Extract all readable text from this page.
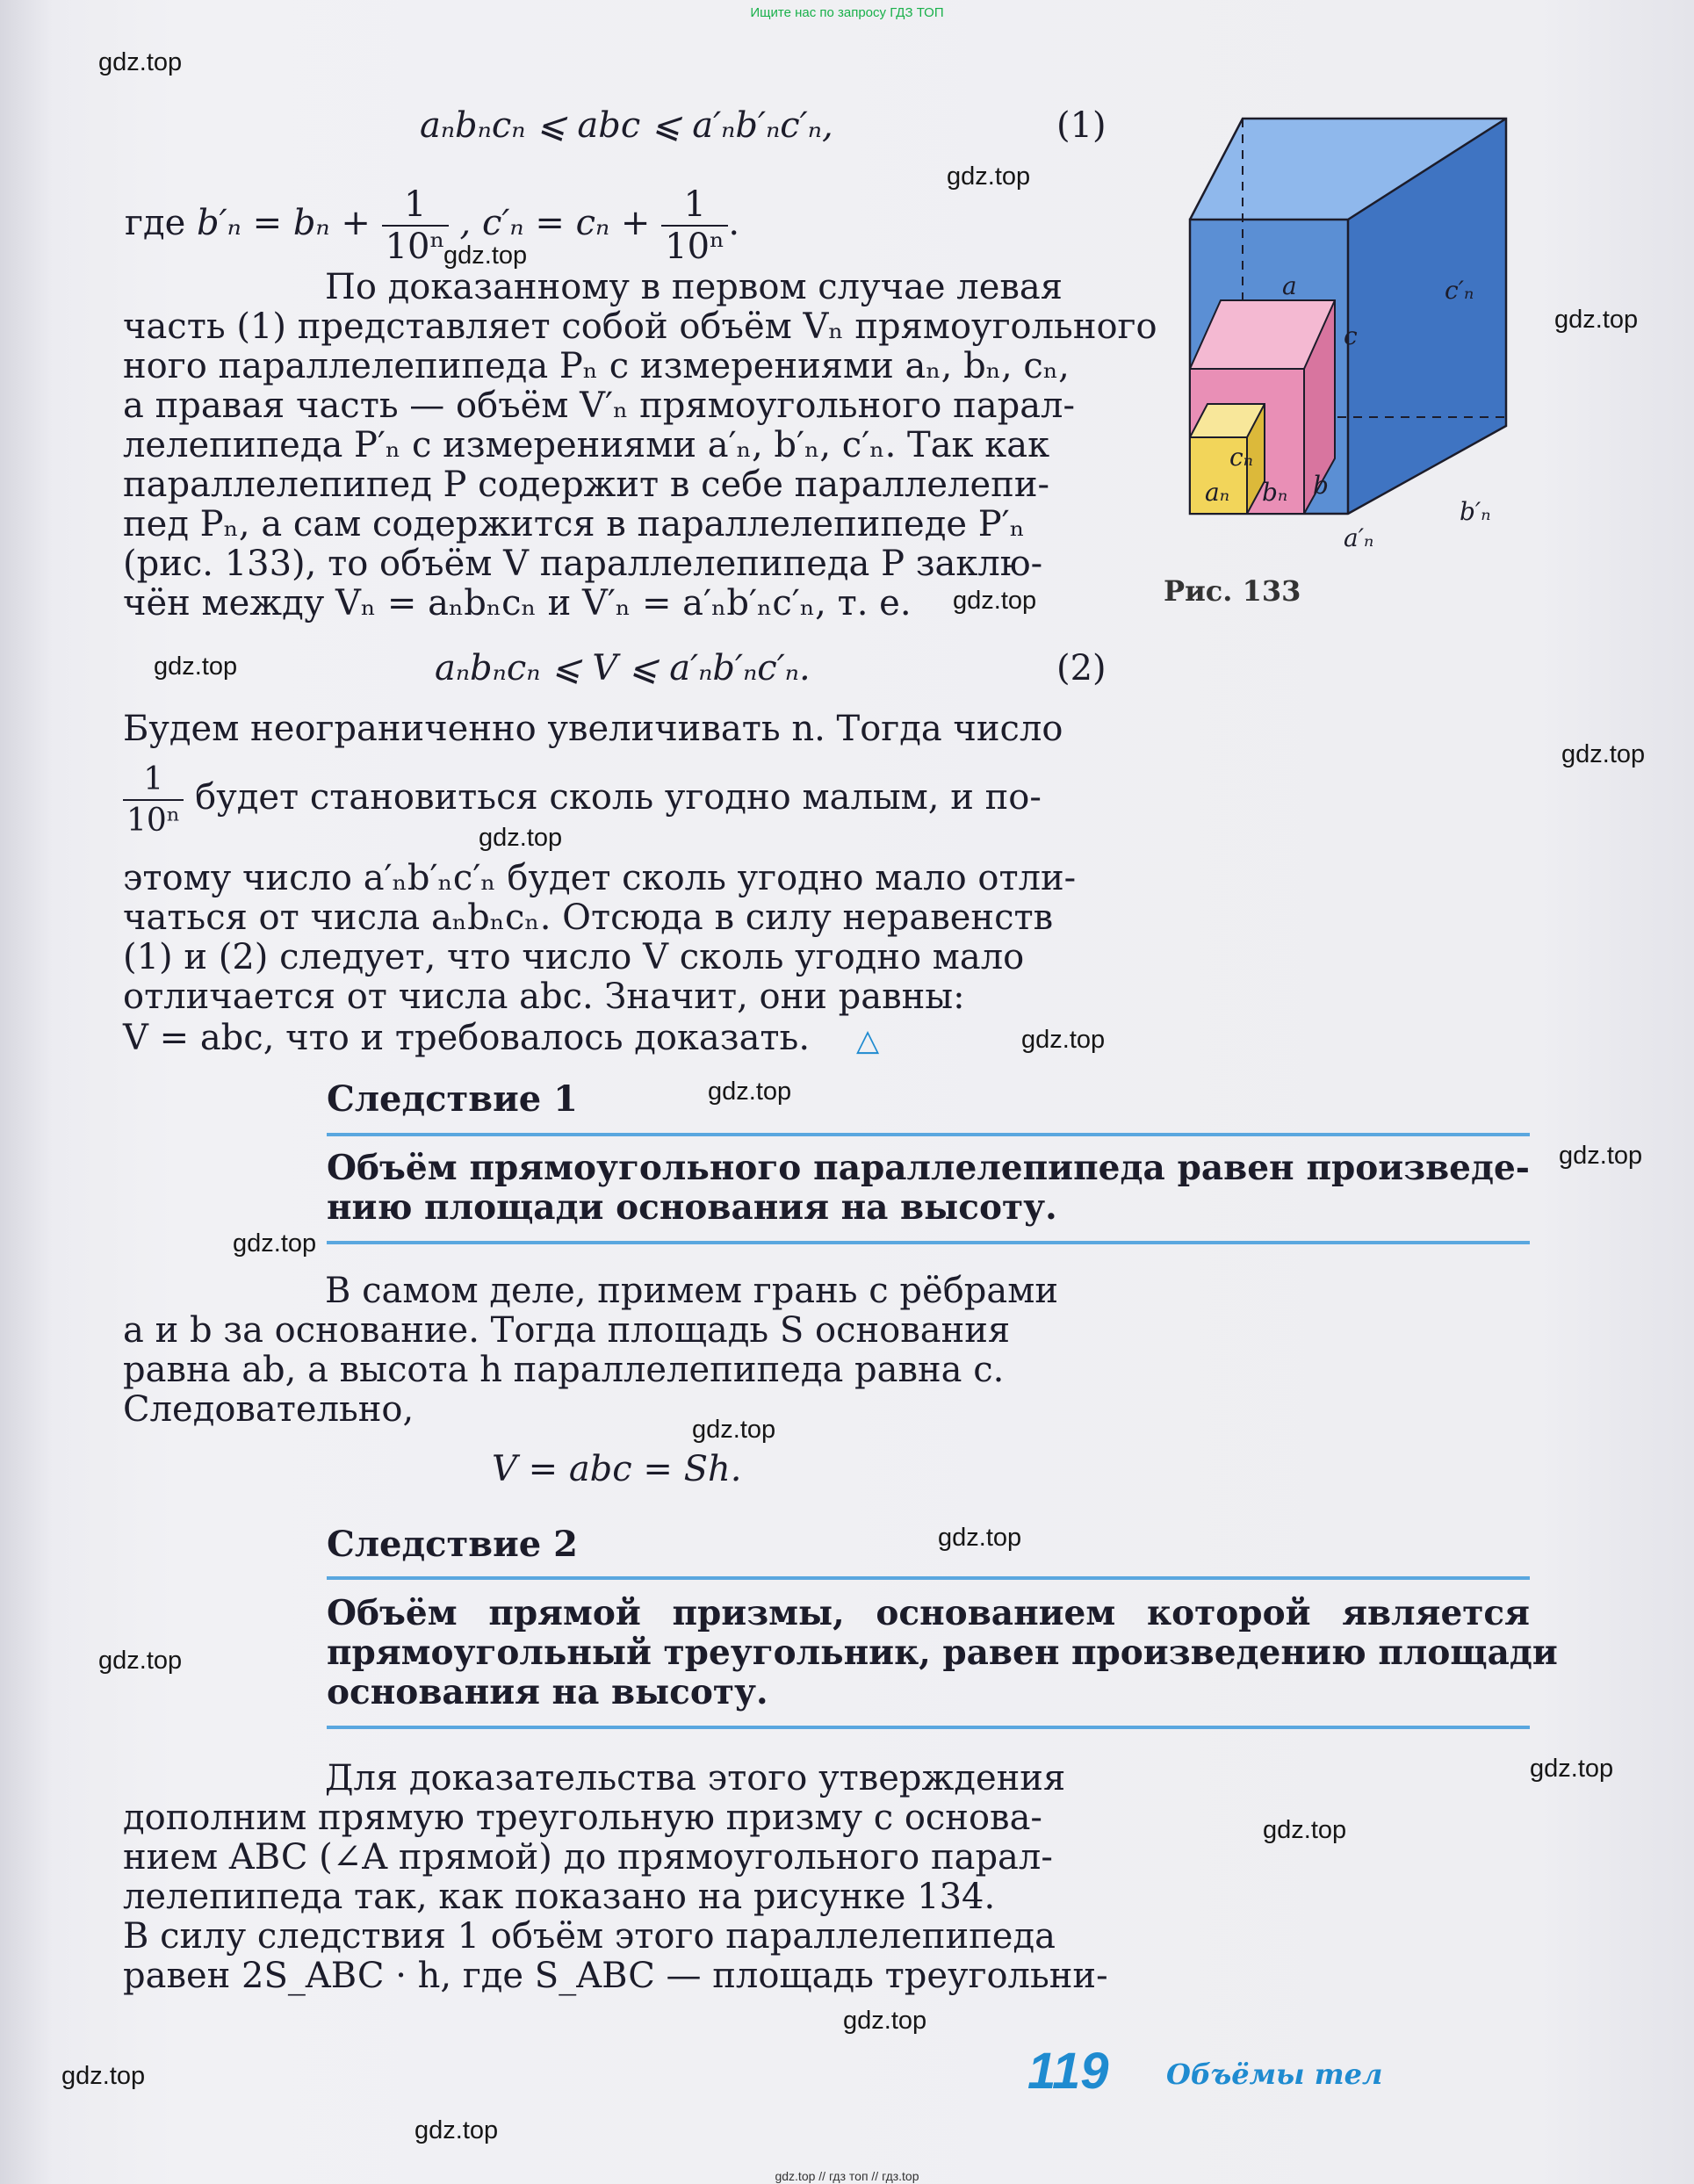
Ищите нас по запросу ГДЗ ТОП
gdz.top
gdz.top
gdz.top
gdz.top
gdz.top
gdz.top
gdz.top
gdz.top
gdz.top
gdz.top
gdz.top
gdz.top
gdz.top
gdz.top
gdz.top
gdz.top
gdz.top
gdz.top
gdz.top
gdz.top
aₙbₙcₙ ⩽ abc ⩽ a′ₙb′ₙc′ₙ,	(1)
где $b'_n = b_n + \frac{1}{\text{10ⁿ}}$ , $c'_n = c_n + \frac{1}{\text{10ⁿ}}$ .
По доказанному в первом случае левая
часть (1) представляет собой объём Vₙ прямоугольного
ного параллелепипеда Pₙ с измерениями aₙ, bₙ, cₙ,
а правая часть — объём V′ₙ прямоугольного парал-
лелепипеда P′ₙ с измерениями a′ₙ, b′ₙ, c′ₙ. Так как
параллелепипед P содержит в себе параллелепи-
пед Pₙ, а сам содержится в параллелепипеде P′ₙ
(рис. 133), то объём V параллелепипеда P заклю-
чён между Vₙ = aₙbₙcₙ и V′ₙ = a′ₙb′ₙc′ₙ, т. е.
aₙbₙcₙ ⩽ V ⩽ a′ₙb′ₙc′ₙ.	(2)
Будем неограниченно увеличивать n. Тогда число
$\frac{1}{\text{10ⁿ}}$ будет становиться сколь угодно малым, и по-
этому число a′ₙb′ₙc′ₙ будет сколь угодно мало отли-
чаться от числа aₙbₙcₙ. Отсюда в силу неравенств
(1) и (2) следует, что число V сколь угодно мало
отличается от числа abc. Значит, они равны:
V = abc, что и требовалось доказать.	△
Следствие 1
Объём прямоугольного параллелепипеда равен произведе-
нию площади основания на высоту.
В самом деле, примем грань с рёбрами
a и b за основание. Тогда площадь S основания
равна ab, а высота h параллелепипеда равна c.
Следовательно,
V = abc = Sh.
Следствие 2
Объём прямой призмы, основанием которой является
прямоугольный треугольник, равен произведению площади
основания на высоту.
Для доказательства этого утверждения
дополним прямую треугольную призму с основа-
нием ABC (∠A прямой) до прямоугольного парал-
лелепипеда так, как показано на рисунке 134.
В силу следствия 1 объём этого параллелепипеда
равен 2S_ABC · h, где S_ABC — площадь треугольни-
a
c
c′ₙ
b
bₙ
b′ₙ
a′ₙ
aₙ
cₙ
Рис. 133
119 Объёмы тел
gdz.top // гдз топ // гдз.top
